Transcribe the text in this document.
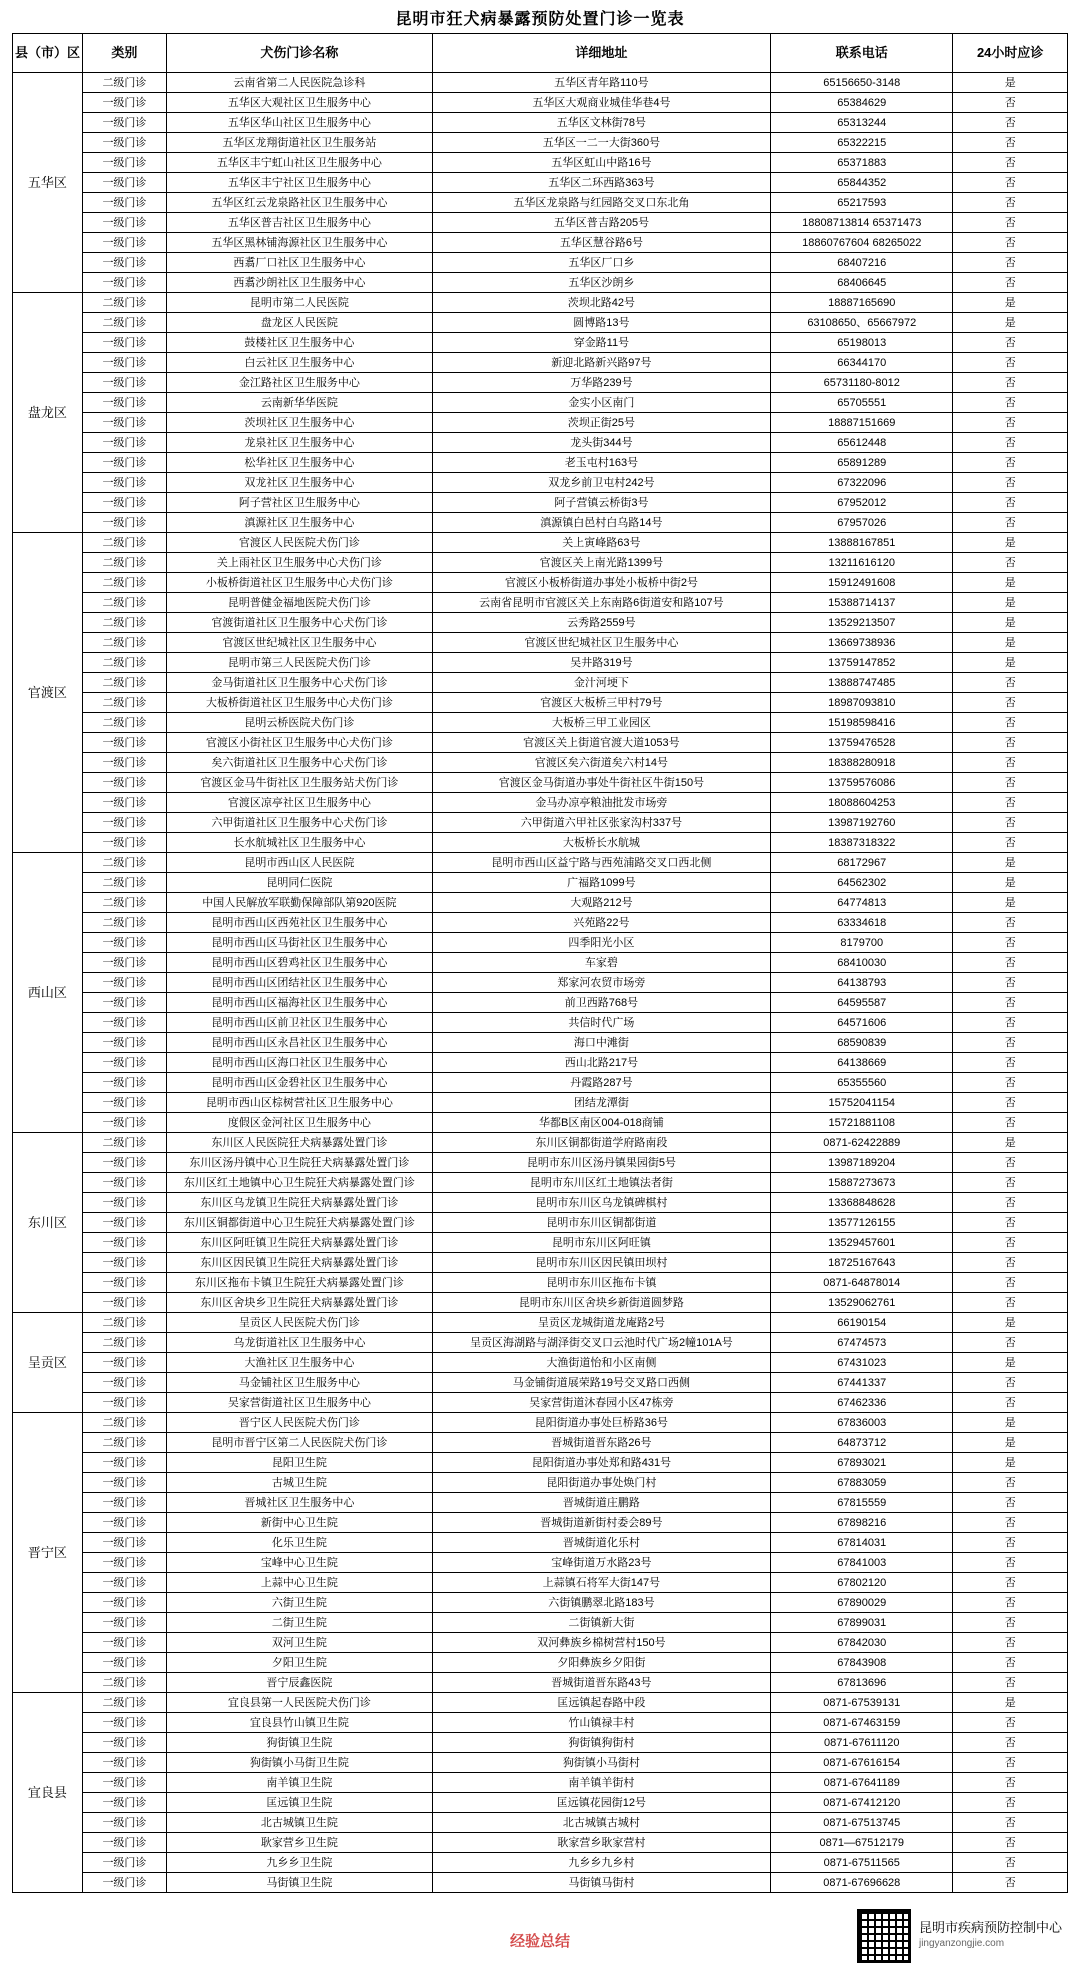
昆明市狂犬病暴露预防处置门诊一览表
县（市）区	类别	犬伤门诊名称	详细地址	联系电话	24小时应诊
五华区	二级门诊	云南省第二人民医院急诊科	五华区青年路110号	65156650-3148	是
	一级门诊	五华区大观社区卫生服务中心	五华区大观商业城佳华巷4号	65384629	否
	一级门诊	五华区华山社区卫生服务中心	五华区文林街78号	65313244	否
	一级门诊	五华区龙翔街道社区卫生服务站	五华区一二一大街360号	65322215	否
	一级门诊	五华区丰宁虹山社区卫生服务中心	五华区虹山中路16号	65371883	否
	一级门诊	五华区丰宁社区卫生服务中心	五华区二环西路363号	65844352	否
	一级门诊	五华区红云龙泉路社区卫生服务中心	五华区龙泉路与红园路交叉口东北角	65217593	否
	一级门诊	五华区普吉社区卫生服务中心	五华区普吉路205号	18808713814 65371473	否
	一级门诊	五华区黑林铺海源社区卫生服务中心	五华区慧谷路6号	18860767604 68265022	否
	一级门诊	西翥厂口社区卫生服务中心	五华区厂口乡	68407216	否
	一级门诊	西翥沙朗社区卫生服务中心	五华区沙朗乡	68406645	否
盘龙区	二级门诊	昆明市第二人民医院	茨坝北路42号	18887165690	是
	二级门诊	盘龙区人民医院	圆博路13号	63108650、65667972	是
	一级门诊	鼓楼社区卫生服务中心	穿金路11号	65198013	否
	一级门诊	白云社区卫生服务中心	新迎北路新兴路97号	66344170	否
	一级门诊	金江路社区卫生服务中心	万华路239号	65731180-8012	否
	一级门诊	云南新华华医院	金实小区南门	65705551	否
	一级门诊	茨坝社区卫生服务中心	茨坝正街25号	18887151669	否
	一级门诊	龙泉社区卫生服务中心	龙头街344号	65612448	否
	一级门诊	松华社区卫生服务中心	老玉屯村163号	65891289	否
	一级门诊	双龙社区卫生服务中心	双龙乡前卫屯村242号	67322096	否
	一级门诊	阿子营社区卫生服务中心	阿子营镇云桥街3号	67952012	否
	一级门诊	滇源社区卫生服务中心	滇源镇白邑村白乌路14号	67957026	否
官渡区	二级门诊	官渡区人民医院犬伤门诊	关上寅峰路63号	13888167851	是
	二级门诊	关上雨社区卫生服务中心犬伤门诊	官渡区关上南光路1399号	13211616120	否
	二级门诊	小板桥街道社区卫生服务中心犬伤门诊	官渡区小板桥街道办事处小板桥中街2号	15912491608	是
	二级门诊	昆明普健金福地医院犬伤门诊	云南省昆明市官渡区关上东南路6街道安和路107号	15388714137	是
	二级门诊	官渡街道社区卫生服务中心犬伤门诊	云秀路2559号	13529213507	是
	二级门诊	官渡区世纪城社区卫生服务中心	官渡区世纪城社区卫生服务中心	13669738936	是
	二级门诊	昆明市第三人民医院犬伤门诊	吴井路319号	13759147852	是
	二级门诊	金马街道社区卫生服务中心犬伤门诊	金汁河埂下	13888747485	否
	二级门诊	大板桥街道社区卫生服务中心犬伤门诊	官渡区大板桥三甲村79号	18987093810	否
	二级门诊	昆明云桥医院犬伤门诊	大板桥三甲工业园区	15198598416	否
	一级门诊	官渡区小街社区卫生服务中心犬伤门诊	官渡区关上街道官渡大道1053号	13759476528	否
	一级门诊	矣六街道社区卫生服务中心犬伤门诊	官渡区矣六街道矣六村14号	18388280918	否
	一级门诊	官渡区金马牛街社区卫生服务站犬伤门诊	官渡区金马街道办事处牛街社区牛街150号	13759576086	否
	一级门诊	官渡区凉亭社区卫生服务中心	金马办凉亭粮油批发市场旁	18088604253	否
	一级门诊	六甲街道社区卫生服务中心犬伤门诊	六甲街道六甲社区张家沟村337号	13987192760	否
	一级门诊	长水航城社区卫生服务中心	大板桥长水航城	18387318322	否
西山区	二级门诊	昆明市西山区人民医院	昆明市西山区益宁路与西苑浦路交叉口西北侧	68172967	是
	二级门诊	昆明同仁医院	广福路1099号	64562302	是
	二级门诊	中国人民解放军联勤保障部队第920医院	大观路212号	64774813	是
	二级门诊	昆明市西山区西苑社区卫生服务中心	兴苑路22号	63334618	否
	一级门诊	昆明市西山区马街社区卫生服务中心	四季阳光小区	8179700	否
	一级门诊	昆明市西山区碧鸡社区卫生服务中心	车家碧	68410030	否
	一级门诊	昆明市西山区团结社区卫生服务中心	郑家河农贸市场旁	64138793	否
	一级门诊	昆明市西山区福海社区卫生服务中心	前卫西路768号	64595587	否
	一级门诊	昆明市西山区前卫社区卫生服务中心	共信时代广场	64571606	否
	一级门诊	昆明市西山区永昌社区卫生服务中心	海口中滩街	68590839	否
	一级门诊	昆明市西山区海口社区卫生服务中心	西山北路217号	64138669	否
	一级门诊	昆明市西山区金碧社区卫生服务中心	丹霞路287号	65355560	否
	一级门诊	昆明市西山区棕树营社区卫生服务中心	团结龙潭街	15752041154	否
	一级门诊	度假区金河社区卫生服务中心	华都B区南区004-018商铺	15721881108	否
东川区	二级门诊	东川区人民医院狂犬病暴露处置门诊	东川区铜都街道学府路南段	0871-62422889	是
	一级门诊	东川区汤丹镇中心卫生院狂犬病暴露处置门诊	昆明市东川区汤丹镇果园街5号	13987189204	否
	一级门诊	东川区红土地镇中心卫生院狂犬病暴露处置门诊	昆明市东川区红土地镇法者街	15887273673	否
	一级门诊	东川区乌龙镇卫生院狂犬病暴露处置门诊	昆明市东川区乌龙镇碑棋村	13368848628	否
	一级门诊	东川区铜都街道中心卫生院狂犬病暴露处置门诊	昆明市东川区铜都街道	13577126155	否
	一级门诊	东川区阿旺镇卫生院狂犬病暴露处置门诊	昆明市东川区阿旺镇	13529457601	否
	一级门诊	东川区因民镇卫生院狂犬病暴露处置门诊	昆明市东川区因民镇田坝村	18725167643	否
	一级门诊	东川区拖布卡镇卫生院狂犬病暴露处置门诊	昆明市东川区拖布卡镇	0871-64878014	否
	一级门诊	东川区舍块乡卫生院狂犬病暴露处置门诊	昆明市东川区舍块乡新街道圆梦路	13529062761	否
呈贡区	二级门诊	呈贡区人民医院犬伤门诊	呈贡区龙城街道龙庵路2号	66190154	是
	二级门诊	乌龙街道社区卫生服务中心	呈贡区海湖路与湖泽街交叉口云池时代广场2幢101A号	67474573	否
	一级门诊	大渔社区卫生服务中心	大渔街道怡和小区南侧	67431023	是
	一级门诊	马金铺社区卫生服务中心	马金铺街道展荣路19号交叉路口西侧	67441337	否
	一级门诊	吴家营街道社区卫生服务中心	吴家营街道沐春园小区47栋旁	67462336	否
晋宁区	二级门诊	晋宁区人民医院犬伤门诊	昆阳街道办事处巨桥路36号	67836003	是
	二级门诊	昆明市晋宁区第二人民医院犬伤门诊	晋城街道晋东路26号	64873712	是
	一级门诊	昆阳卫生院	昆阳街道办事处郑和路431号	67893021	是
	一级门诊	古城卫生院	昆阳街道办事处焕门村	67883059	否
	一级门诊	晋城社区卫生服务中心	晋城街道庄鹏路	67815559	否
	一级门诊	新街中心卫生院	晋城街道新街村委会89号	67898216	否
	一级门诊	化乐卫生院	晋城街道化乐村	67814031	否
	一级门诊	宝峰中心卫生院	宝峰街道万水路23号	67841003	否
	一级门诊	上蒜中心卫生院	上蒜镇石将军大街147号	67802120	否
	一级门诊	六街卫生院	六街镇鹏翠北路183号	67890029	否
	一级门诊	二街卫生院	二街镇新大街	67899031	否
	一级门诊	双河卫生院	双河彝族乡棉树营村150号	67842030	否
	一级门诊	夕阳卫生院	夕阳彝族乡夕阳街	67843908	否
	二级门诊	晋宁辰鑫医院	晋城街道晋东路43号	67813696	否
宜良县	二级门诊	宜良县第一人民医院犬伤门诊	匡远镇起春路中段	0871-67539131	是
	一级门诊	宜良县竹山镇卫生院	竹山镇禄丰村	0871-67463159	否
	一级门诊	狗街镇卫生院	狗街镇狗街村	0871-67611120	否
	一级门诊	狗街镇小马街卫生院	狗街镇小马街村	0871-67616154	否
	一级门诊	南羊镇卫生院	南羊镇羊街村	0871-67641189	否
	一级门诊	匡远镇卫生院	匡远镇花园街12号	0871-67412120	否
	一级门诊	北古城镇卫生院	北古城镇古城村	0871-67513745	否
	一级门诊	耿家营乡卫生院	耿家营乡耿家营村	0871—67512179	否
	一级门诊	九乡乡卫生院	九乡乡九乡村	0871-67511565	否
	一级门诊	马街镇卫生院	马街镇马街村	0871-67696628	否
经验总结
昆明市疾病预防控制中心
jingyanzongjie.com
